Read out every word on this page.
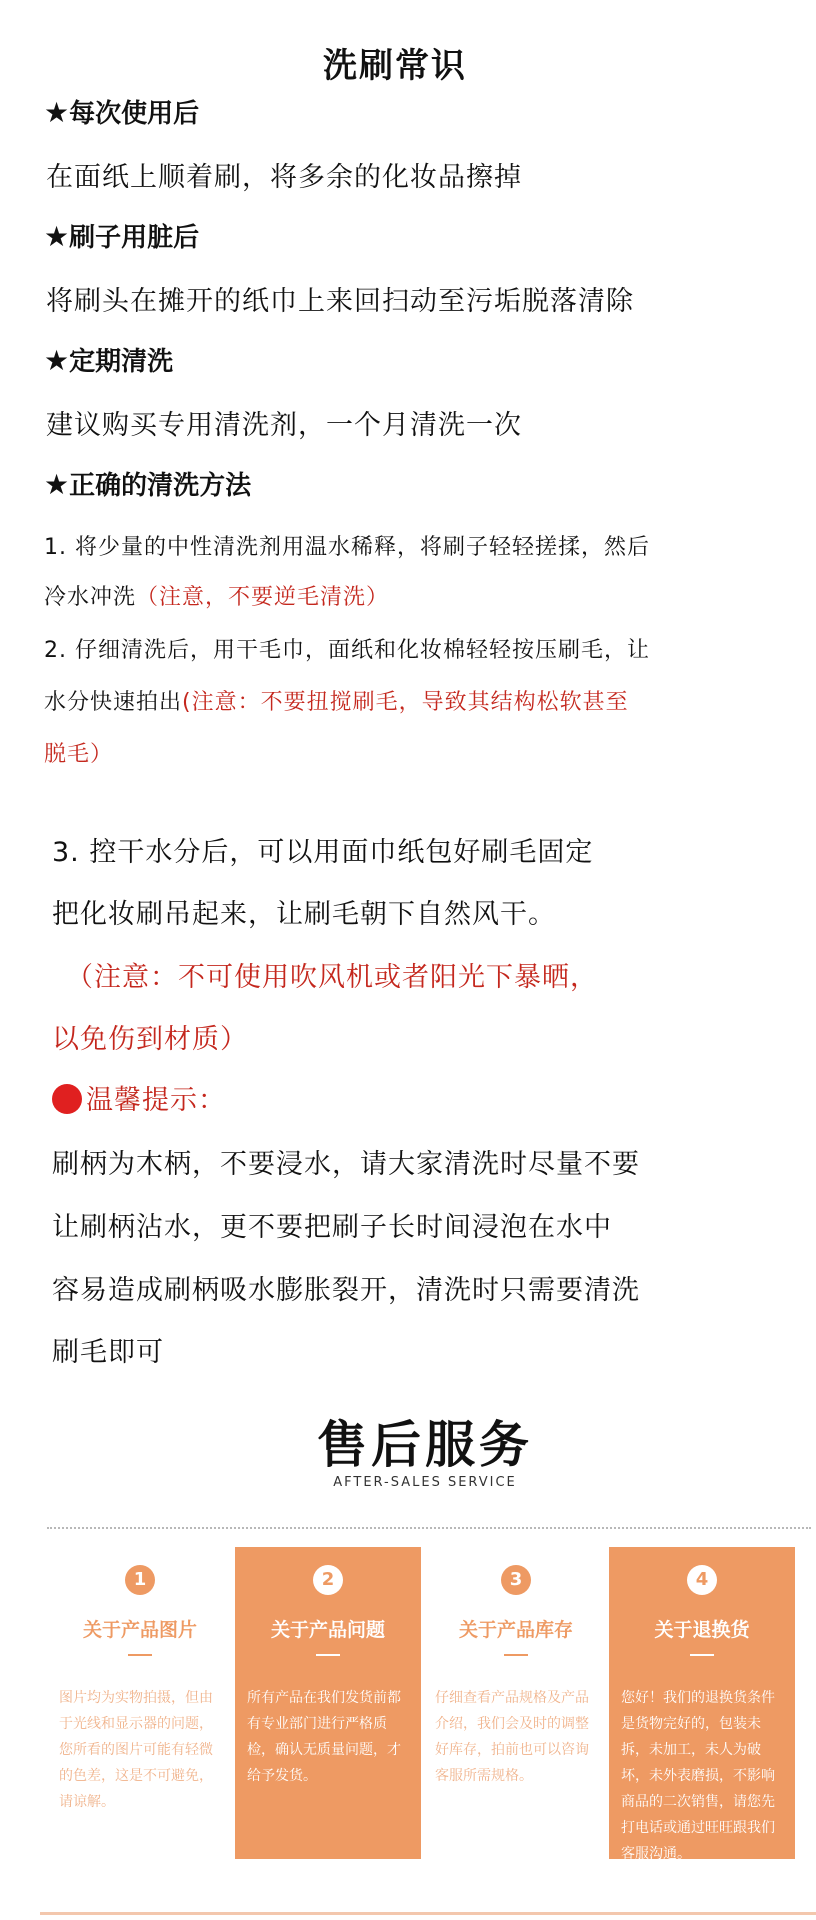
洗刷常识
★每次使用后
在面纸上顺着刷，将多余的化妆品擦掉
★刷子用脏后
将刷头在摊开的纸巾上来回扫动至污垢脱落清除
★定期清洗
建议购买专用清洗剂，一个月清洗一次
★正确的清洗方法
1. 将少量的中性清洗剂用温水稀释，将刷子轻轻搓揉，然后
冷水冲洗（注意，不要逆毛清洗）
2. 仔细清洗后，用干毛巾，面纸和化妆棉轻轻按压刷毛，让
水分快速拍出(注意：不要扭搅刷毛，导致其结构松软甚至
脱毛）
3. 控干水分后，可以用面巾纸包好刷毛固定
把化妆刷吊起来，让刷毛朝下自然风干。
（注意：不可使用吹风机或者阳光下暴晒，
以免伤到材质）
温馨提示：
刷柄为木柄，不要浸水，请大家清洗时尽量不要
让刷柄沾水，更不要把刷子长时间浸泡在水中
容易造成刷柄吸水膨胀裂开，清洗时只需要清洗
刷毛即可
售后服务
AFTER-SALES SERVICE
1
关于产品图片
图片均为实物拍摄，但由于光线和显示器的问题，您所看的图片可能有轻微的色差，这是不可避免，请谅解。
2
关于产品问题
所有产品在我们发货前都有专业部门进行严格质检，确认无质量问题，才给予发货。
3
关于产品库存
仔细查看产品规格及产品介绍，我们会及时的调整好库存，拍前也可以咨询客服所需规格。
4
关于退换货
您好！我们的退换货条件是货物完好的，包装未拆，未加工，未人为破坏，未外表磨损，不影响商品的二次销售，请您先打电话或通过旺旺跟我们客服沟通。
